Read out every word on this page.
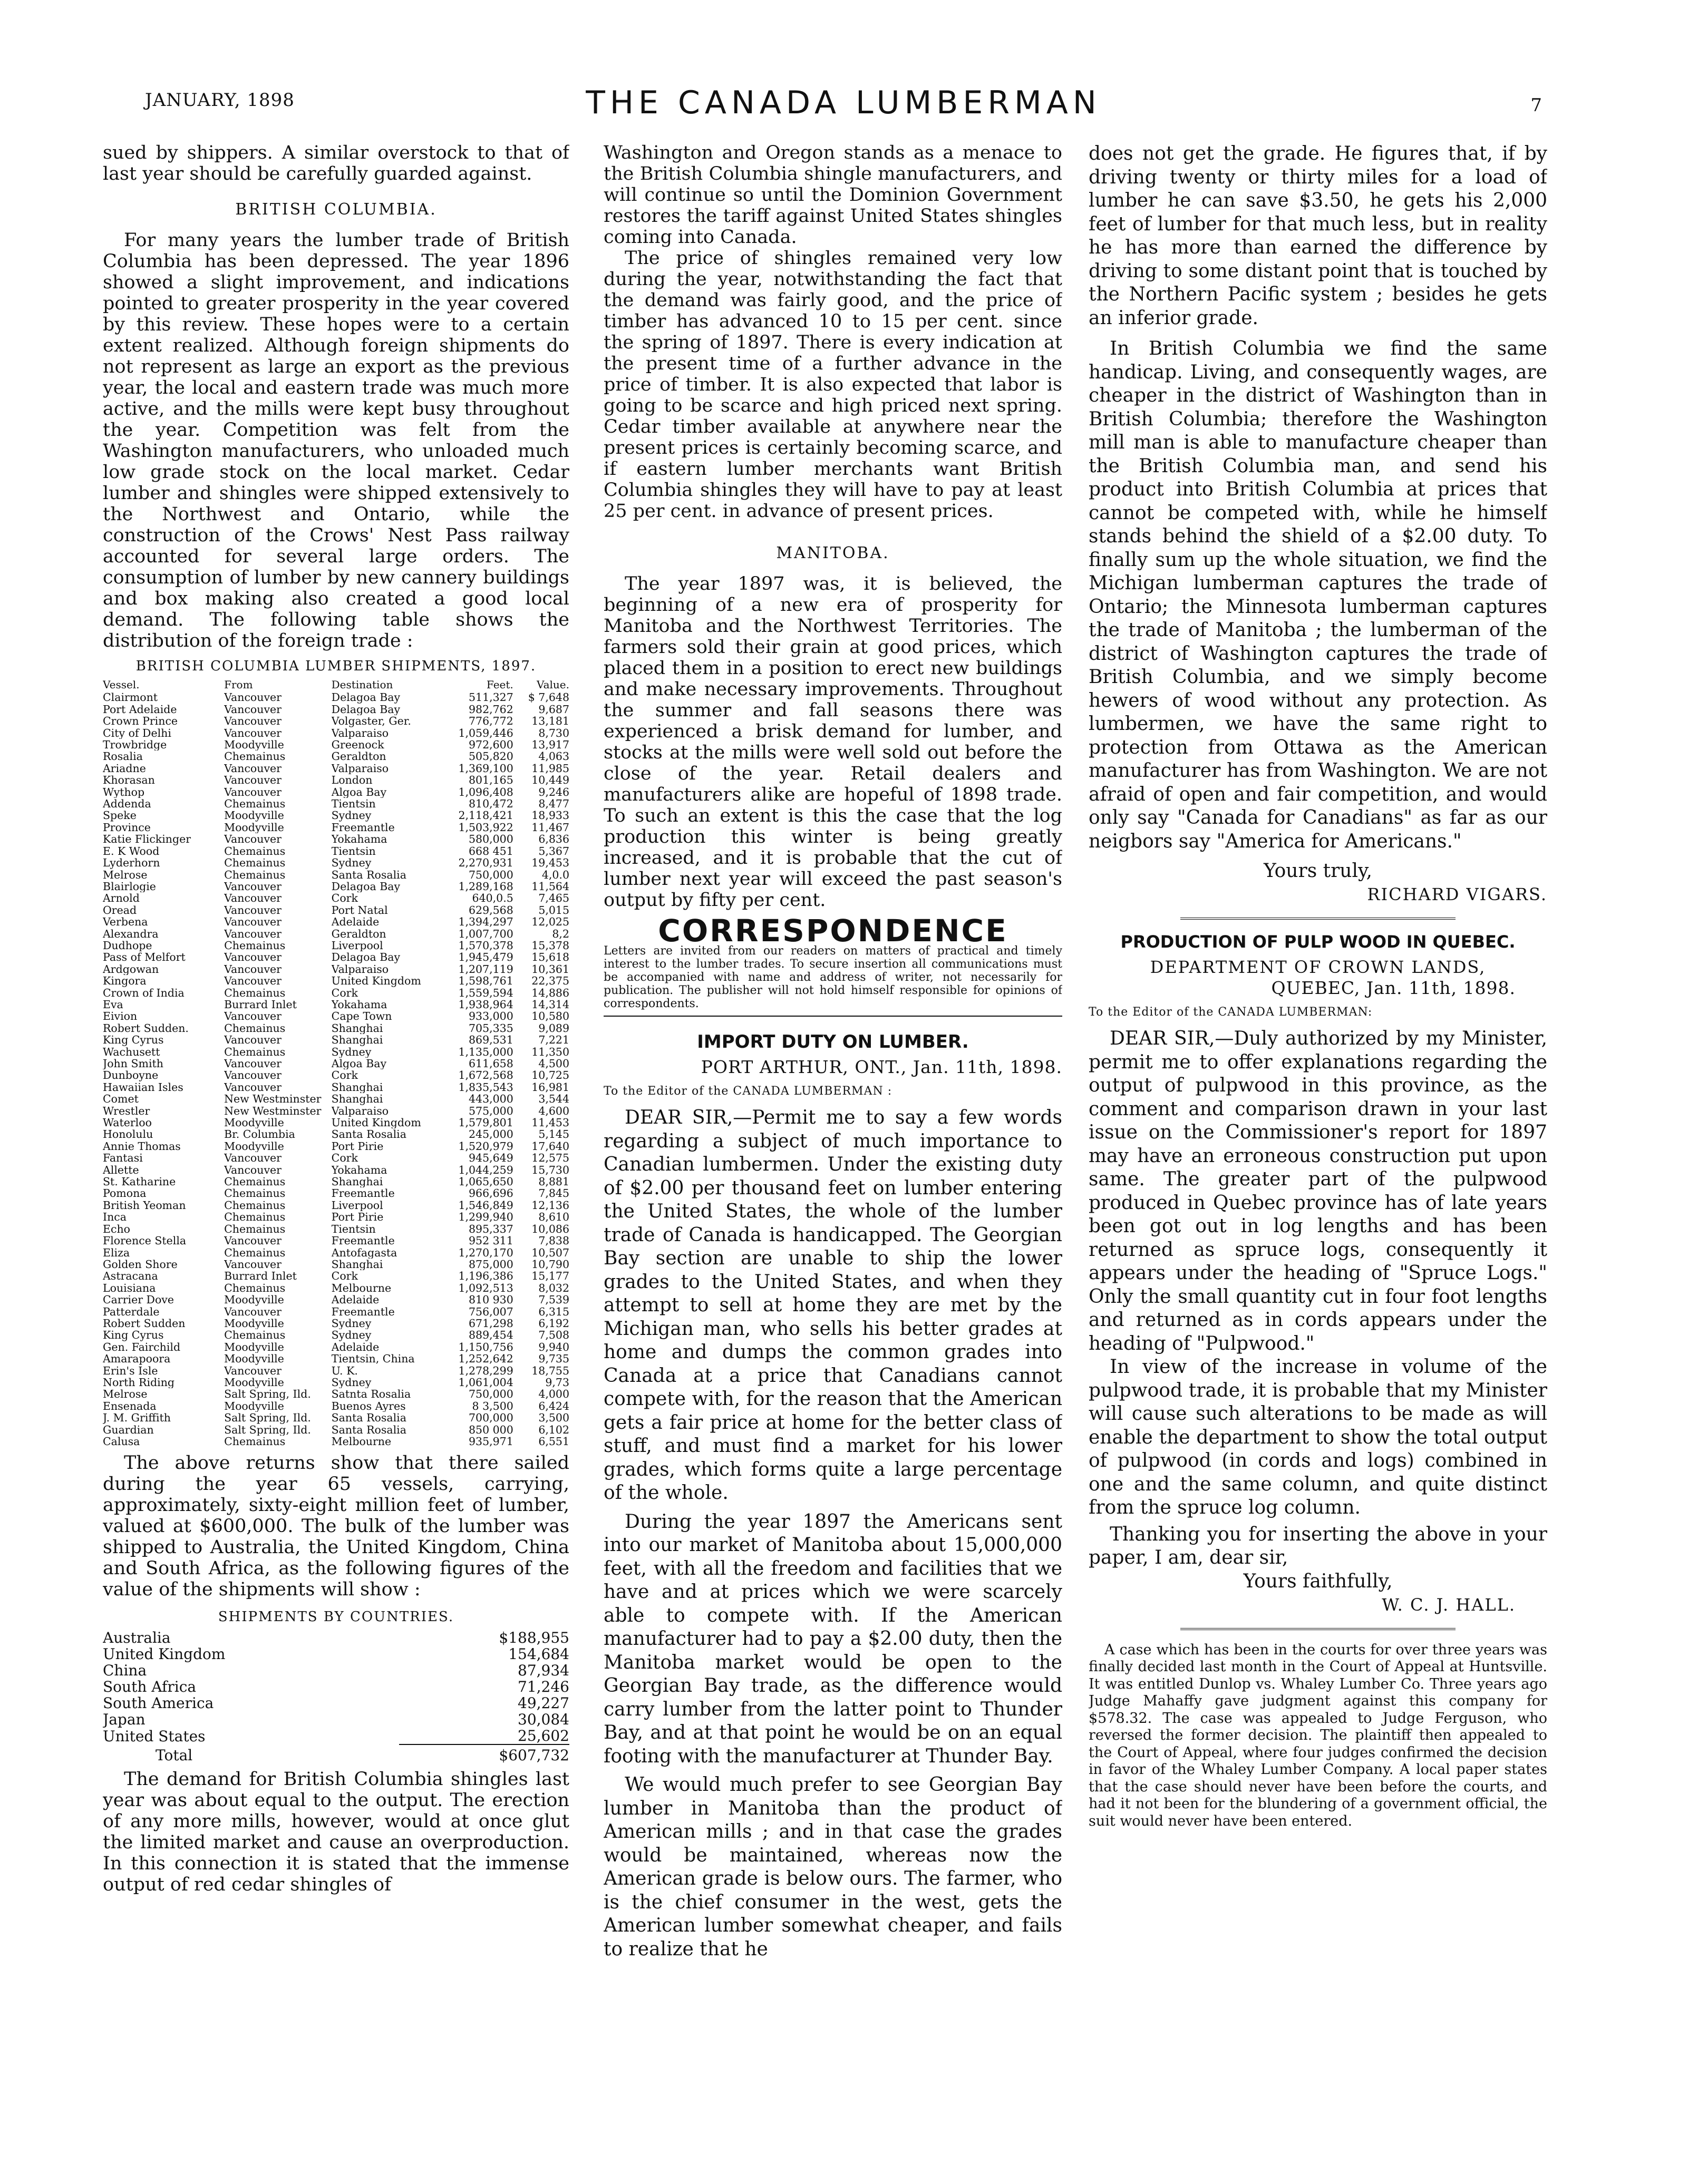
JANUARY, 1898	THE CANADA LUMBERMAN	7

sued by shippers. A similar overstock to that of last year should be carefully guarded against.

BRITISH COLUMBIA.

For many years the lumber trade of British Columbia has been depressed. The year 1896 showed a slight improvement, and indications pointed to greater prosperity in the year covered by this review. These hopes were to a certain extent realized. Although foreign shipments do not represent as large an export as the previous year, the local and eastern trade was much more active, and the mills were kept busy throughout the year. Competition was felt from the Washington manufacturers, who unloaded much low grade stock on the local market. Cedar lumber and shingles were shipped extensively to the Northwest and Ontario, while the construction of the Crows' Nest Pass railway accounted for several large orders. The consumption of lumber by new cannery buildings and box making also created a good local demand. The following table shows the distribution of the foreign trade :

BRITISH COLUMBIA LUMBER SHIPMENTS, 1897.
Vessel.	From	Destination	Feet.	Value.
Clairmont	Vancouver	Delagoa Bay	511,327	$ 7,648
Port Adelaide	Vancouver	Delagoa Bay	982,762	9,687
Crown Prince	Vancouver	Volgaster, Ger.	776,772	13,181
City of Delhi	Vancouver	Valparaiso	1,059,446	8,730
Trowbridge	Moodyville	Greenock	972,600	13,917
Rosalia	Chemainus	Geraldton	505,820	4,063
Ariadne	Vancouver	Valparaiso	1,369,100	11,985
Khorasan	Vancouver	London	801,165	10,449
Wythop	Vancouver	Algoa Bay	1,096,408	9,246
Addenda	Chemainus	Tientsin	810,472	8,477
Speke	Moodyville	Sydney	2,118,421	18,933
Province	Moodyville	Freemantle	1,503,922	11,467
Katie Flickinger	Vancouver	Yokahama	580,000	6,836
E. K Wood	Chemainus	Tientsin	668 451	5,367
Lyderhorn	Chemainus	Sydney	2,270,931	19,453
Melrose	Chemainus	Santa Rosalia	750,000	4,0.0
Blairlogie	Vancouver	Delagoa Bay	1,289,168	11,564
Arnold	Vancouver	Cork	640,0.5	7,465
Oread	Vancouver	Port Natal	629,568	5,015
Verbena	Vancouver	Adelaide	1,394,297	12,025
Alexandra	Vancouver	Geraldton	1,007,700	8,2
Dudhope	Chemainus	Liverpool	1,570,378	15,378
Pass of Melfort	Vancouver	Delagoa Bay	1,945,479	15,618
Ardgowan	Vancouver	Valparaiso	1,207,119	10,361
Kingora	Vancouver	United Kingdom	1,598,761	22,375
Crown of India	Chemainus	Cork	1,559,594	14,886
Eva	Burrard Inlet	Yokahama	1,938,964	14,314
Eivion	Vancouver	Cape Town	933,000	10,580
Robert Sudden.	Chemainus	Shanghai	705,335	9,089
King Cyrus	Vancouver	Shanghai	869,531	7,221
Wachusett	Chemainus	Sydney	1,135,000	11,350
John Smith	Vancouver	Algoa Bay	611,658	4,500
Dunboyne	Vancouver	Cork	1,672,568	10,725
Hawaiian Isles	Vancouver	Shanghai	1,835,543	16,981
Comet	New Westminster	Shanghai	443,000	3,544
Wrestler	New Westminster	Valparaiso	575,000	4,600
Waterloo	Moodyville	United Kingdom	1,579,801	11,453
Honolulu	Br. Columbia	Santa Rosalia	245,000	5,145
Annie Thomas	Moodyville	Port Pirie	1,520,979	17,640
Fantasi	Vancouver	Cork	945,649	12,575
Allette	Vancouver	Yokahama	1,044,259	15,730
St. Katharine	Chemainus	Shanghai	1,065,650	8,881
Pomona	Chemainus	Freemantle	966,696	7,845
British Yeoman	Chemainus	Liverpool	1,546,849	12,136
Inca	Chemainus	Port Pirie	1,299,940	8,610
Echo	Chemainus	Tientsin	895,337	10,086
Florence Stella	Vancouver	Freemantle	952 311	7,838
Eliza	Chemainus	Antofagasta	1,270,170	10,507
Golden Shore	Vancouver	Shanghai	875,000	10,790
Astracana	Burrard Inlet	Cork	1,196,386	15,177
Louisiana	Chemainus	Melbourne	1,092,513	8,032
Carrier Dove	Moodyville	Adelaide	810 930	7,539
Patterdale	Vancouver	Freemantle	756,007	6,315
Robert Sudden	Moodyville	Sydney	671,298	6,192
King Cyrus	Chemainus	Sydney	889,454	7,508
Gen. Fairchild	Moodyville	Adelaide	1,150,756	9,940
Amarapoora	Moodyville	Tientsin, China	1,252,642	9,735
Erin's Isle	Vancouver	U. K.	1,278,299	18,755
North Riding	Moodyville	Sydney	1,061,004	9,73
Melrose	Salt Spring, Ild.	Satnta Rosalia	750,000	4,000
Ensenada	Moodyville	Buenos Ayres	8 3,500	6,424
J. M. Griffith	Salt Spring, Ild.	Santa Rosalia	700,000	3,500
Guardian	Salt Spring, Ild.	Santa Rosalia	850 000	6,102
Calusa	Chemainus	Melbourne	935,971	6,551

The above returns show that there sailed during the year 65 vessels, carrying, approximately, sixty-eight million feet of lumber, valued at $600,000. The bulk of the lumber was shipped to Australia, the United Kingdom, China and South Africa, as the following figures of the value of the shipments will show :

SHIPMENTS BY COUNTRIES.
Australia	$188,955
United Kingdom	154,684
China	87,934
South Africa	71,246
South America	49,227
Japan	30,084
United States	25,602
Total	$607,732

The demand for British Columbia shingles last year was about equal to the output. The erection of any more mills, however, would at once glut the limited market and cause an overproduction. In this connection it is stated that the immense output of red cedar shingles of

Washington and Oregon stands as a menace to the British Columbia shingle manufacturers, and will continue so until the Dominion Government restores the tariff against United States shingles coming into Canada.

The price of shingles remained very low during the year, notwithstanding the fact that the demand was fairly good, and the price of timber has advanced 10 to 15 per cent. since the spring of 1897. There is every indication at the present time of a further advance in the price of timber. It is also expected that labor is going to be scarce and high priced next spring. Cedar timber available at anywhere near the present prices is certainly becoming scarce, and if eastern lumber merchants want British Columbia shingles they will have to pay at least 25 per cent. in advance of present prices.

MANITOBA.

The year 1897 was, it is believed, the beginning of a new era of prosperity for Manitoba and the Northwest Territories. The farmers sold their grain at good prices, which placed them in a position to erect new buildings and make necessary improvements. Throughout the summer and fall seasons there was experienced a brisk demand for lumber, and stocks at the mills were well sold out before the close of the year. Retail dealers and manufacturers alike are hopeful of 1898 trade. To such an extent is this the case that the log production this winter is being greatly increased, and it is probable that the cut of lumber next year will exceed the past season's output by fifty per cent.

CORRESPONDENCE

Letters are invited from our readers on matters of practical and timely interest to the lumber trades. To secure insertion all communications must be accompanied with name and address of writer, not necessarily for publication. The publisher will not hold himself responsible for opinions of correspondents.

IMPORT DUTY ON LUMBER.
PORT ARTHUR, ONT., Jan. 11th, 1898.
To the Editor of the CANADA LUMBERMAN :

DEAR SIR,—Permit me to say a few words regarding a subject of much importance to Canadian lumbermen. Under the existing duty of $2.00 per thousand feet on lumber entering the United States, the whole of the lumber trade of Canada is handicapped. The Georgian Bay section are unable to ship the lower grades to the United States, and when they attempt to sell at home they are met by the Michigan man, who sells his better grades at home and dumps the common grades into Canada at a price that Canadians cannot compete with, for the reason that the American gets a fair price at home for the better class of stuff, and must find a market for his lower grades, which forms quite a large percentage of the whole.

During the year 1897 the Americans sent into our market of Manitoba about 15,000,000 feet, with all the freedom and facilities that we have and at prices which we were scarcely able to compete with. If the American manufacturer had to pay a $2.00 duty, then the Manitoba market would be open to the Georgian Bay trade, as the difference would carry lumber from the latter point to Thunder Bay, and at that point he would be on an equal footing with the manufacturer at Thunder Bay.

We would much prefer to see Georgian Bay lumber in Manitoba than the product of American mills ; and in that case the grades would be maintained, whereas now the American grade is below ours. The farmer, who is the chief consumer in the west, gets the American lumber somewhat cheaper, and fails to realize that he

does not get the grade. He figures that, if by driving twenty or thirty miles for a load of lumber he can save $3.50, he gets his 2,000 feet of lumber for that much less, but in reality he has more than earned the difference by driving to some distant point that is touched by the Northern Pacific system ; besides he gets an inferior grade.

In British Columbia we find the same handicap. Living, and consequently wages, are cheaper in the district of Washington than in British Columbia; therefore the Washington mill man is able to manufacture cheaper than the British Columbia man, and send his product into British Columbia at prices that cannot be competed with, while he himself stands behind the shield of a $2.00 duty. To finally sum up the whole situation, we find the Michigan lumberman captures the trade of Ontario; the Minnesota lumberman captures the trade of Manitoba ; the lumberman of the district of Washington captures the trade of British Columbia, and we simply become hewers of wood without any protection. As lumbermen, we have the same right to protection from Ottawa as the American manufacturer has from Washington. We are not afraid of open and fair competition, and would only say "Canada for Canadians" as far as our neigbors say "America for Americans."

Yours truly,
RICHARD VIGARS.
PRODUCTION OF PULP WOOD IN QUEBEC.
DEPARTMENT OF CROWN LANDS,
QUEBEC, Jan. 11th, 1898.
To the Editor of the CANADA LUMBERMAN:

DEAR SIR,—Duly authorized by my Minister, permit me to offer explanations regarding the output of pulpwood in this province, as the comment and comparison drawn in your last issue on the Commissioner's report for 1897 may have an erroneous construction put upon same. The greater part of the pulpwood produced in Quebec province has of late years been got out in log lengths and has been returned as spruce logs, consequently it appears under the heading of "Spruce Logs." Only the small quantity cut in four foot lengths and returned as in cords appears under the heading of "Pulpwood."

In view of the increase in volume of the pulpwood trade, it is probable that my Minister will cause such alterations to be made as will enable the department to show the total output of pulpwood (in cords and logs) combined in one and the same column, and quite distinct from the spruce log column.

Thanking you for inserting the above in your paper, I am, dear sir,

Yours faithfully,
W. C. J. HALL.

A case which has been in the courts for over three years was finally decided last month in the Court of Appeal at Huntsville. It was entitled Dunlop vs. Whaley Lumber Co. Three years ago Judge Mahaffy gave judgment against this company for $578.32. The case was appealed to Judge Ferguson, who reversed the former decision. The plaintiff then appealed to the Court of Appeal, where four judges confirmed the decision in favor of the Whaley Lumber Company. A local paper states that the case should never have been before the courts, and had it not been for the blundering of a government official, the suit would never have been entered.
